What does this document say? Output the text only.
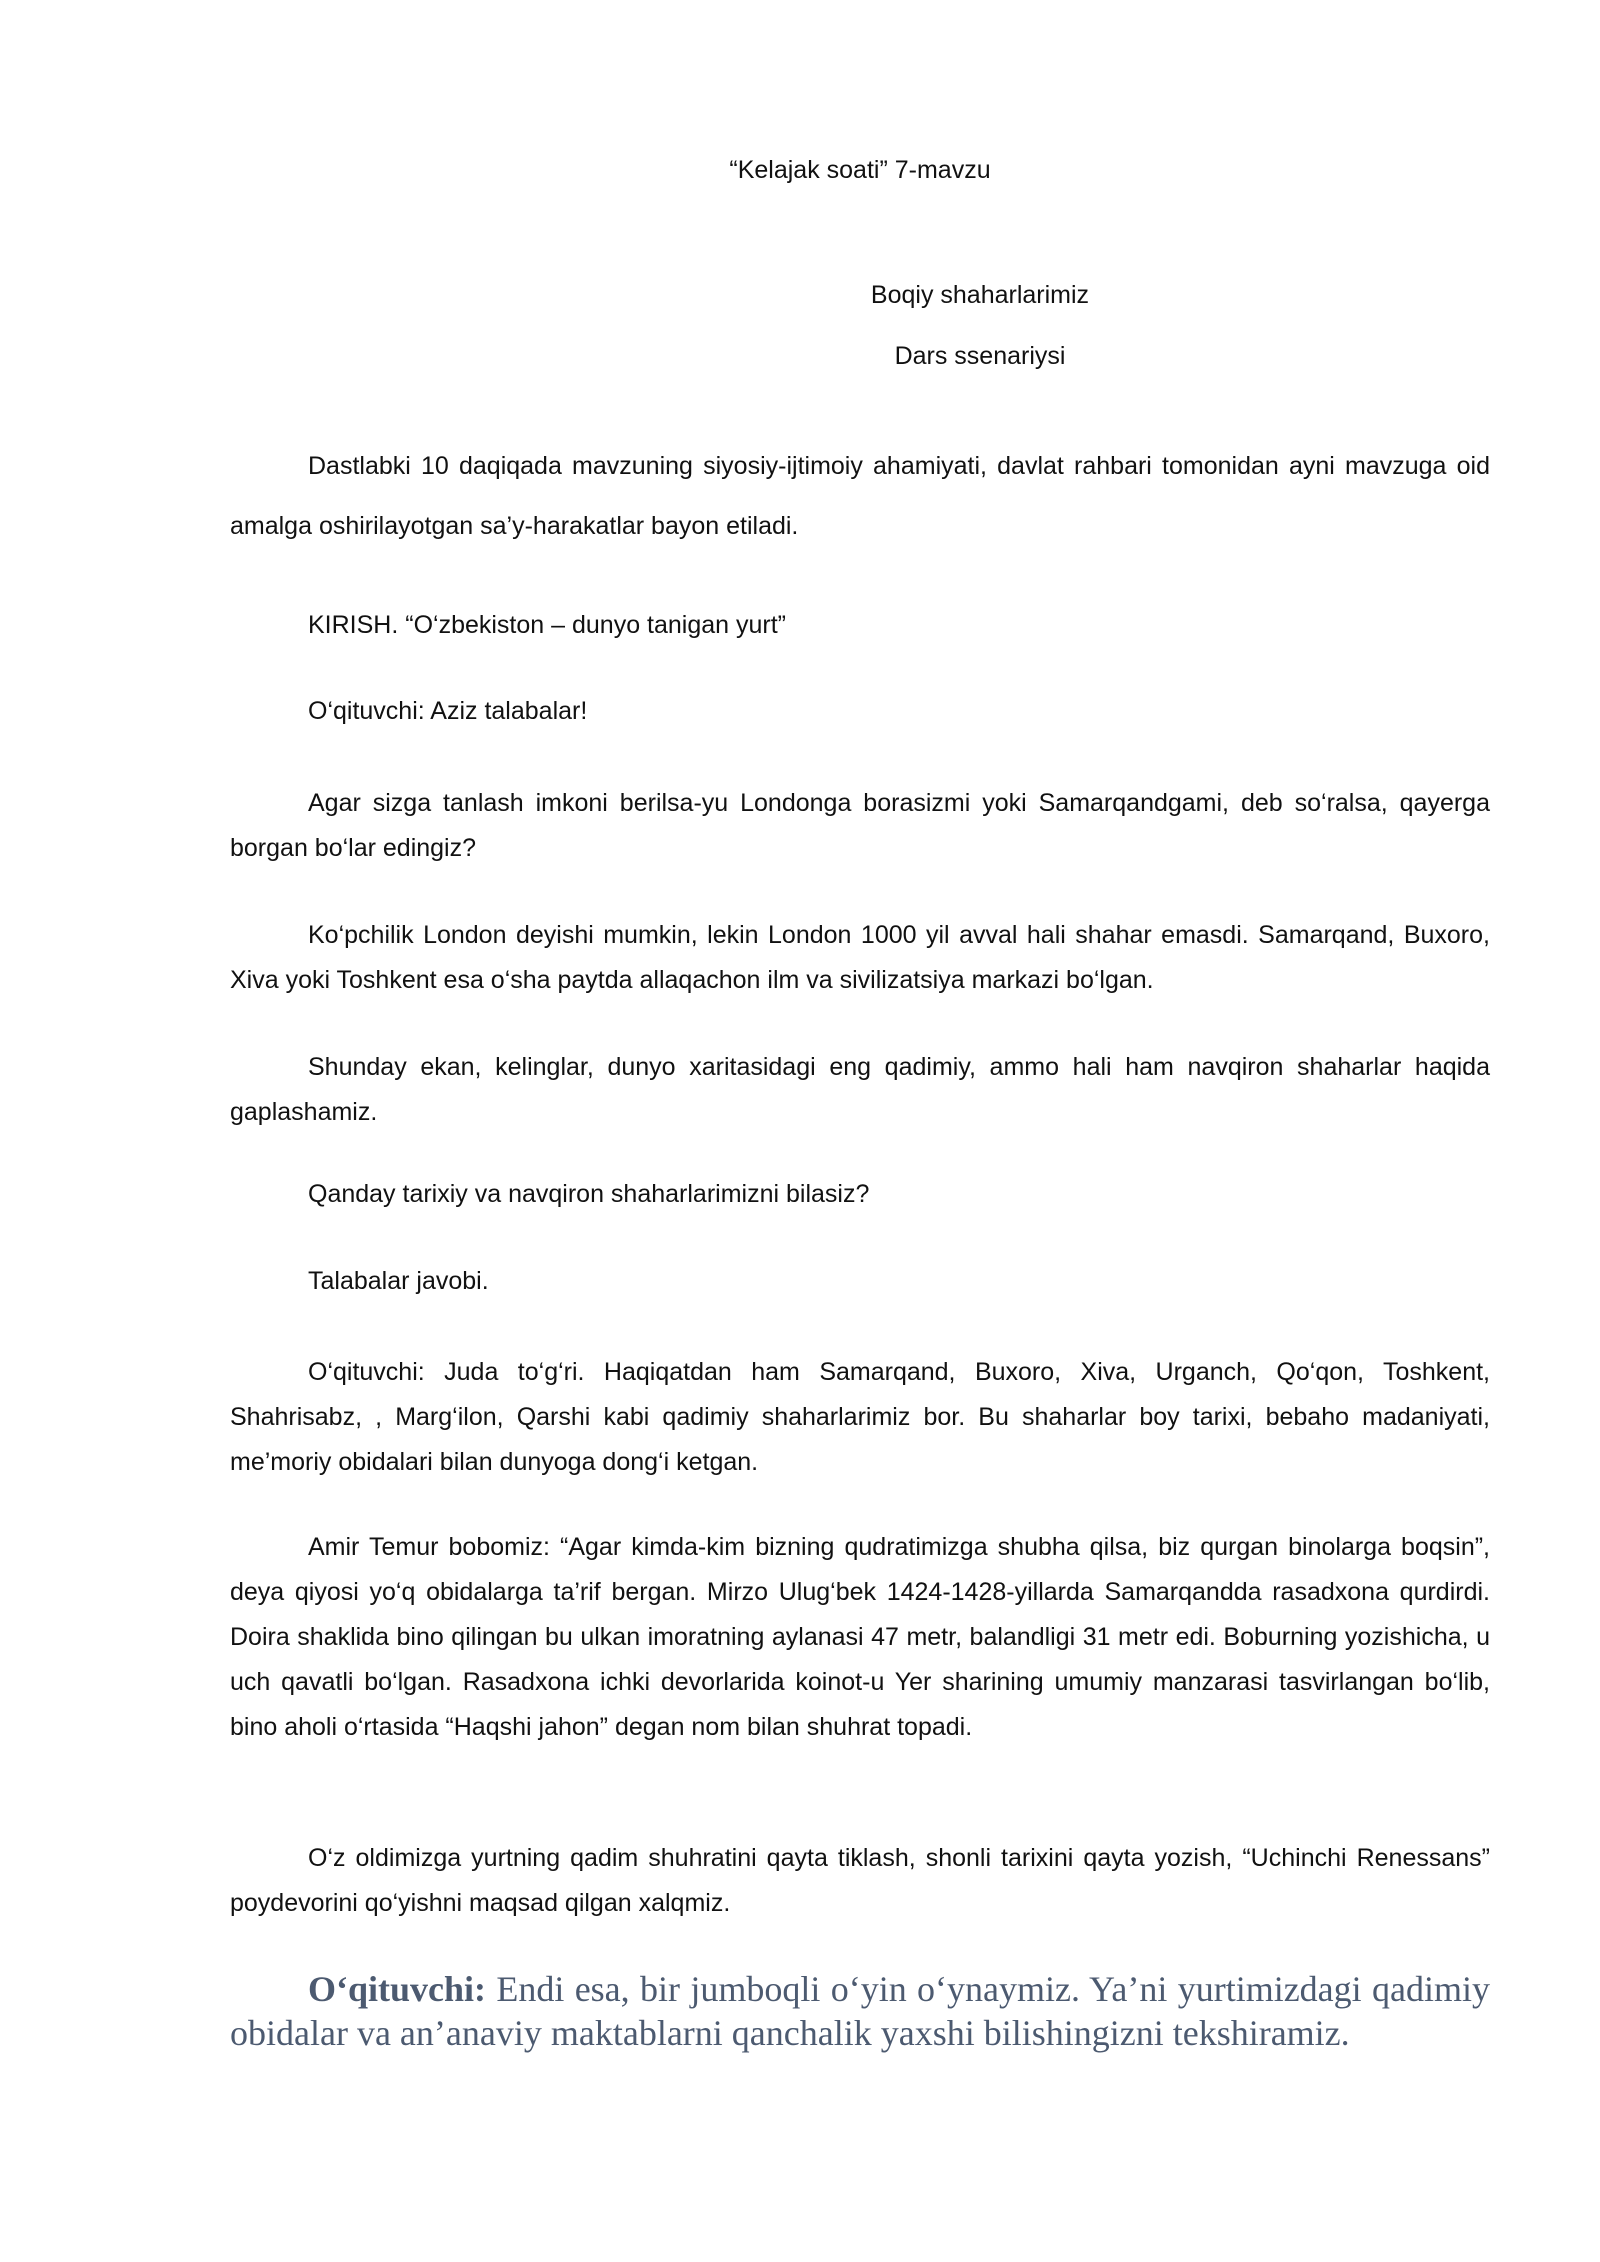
“Kelajak soati” 7-mavzu
Boqiy shaharlarimiz
Dars ssenariysi

Dastlabki 10 daqiqada mavzuning siyosiy-ijtimoiy ahamiyati, davlat rahbari tomonidan ayni mavzuga oid amalga oshirilayotgan sa’y-harakatlar bayon etiladi.

KIRISH. “O‘zbekiston – dunyo tanigan yurt”

O‘qituvchi: Aziz talabalar!

Agar sizga tanlash imkoni berilsa-yu Londonga borasizmi yoki Samarqandgami, deb so‘ralsa, qayerga borgan bo‘lar edingiz?

Ko‘pchilik London deyishi mumkin, lekin London 1000 yil avval hali shahar emasdi. Samarqand, Buxoro, Xiva yoki Toshkent esa o‘sha paytda allaqachon ilm va sivilizatsiya markazi bo‘lgan.

Shunday ekan, kelinglar, dunyo xaritasidagi eng qadimiy, ammo hali ham navqiron shaharlar haqida gaplashamiz.

Qanday tarixiy va navqiron shaharlarimizni bilasiz?

Talabalar javobi.

O‘qituvchi: Juda to‘g‘ri. Haqiqatdan ham Samarqand, Buxoro, Xiva, Urganch, Qo‘qon, Toshkent, Shahrisabz, , Marg‘ilon, Qarshi kabi qadimiy shaharlarimiz bor. Bu shaharlar boy tarixi, bebaho madaniyati, me’moriy obidalari bilan dunyoga dong‘i ketgan.

Amir Temur bobomiz: “Agar kimda-kim bizning qudratimizga shubha qilsa, biz qurgan binolarga boqsin”, deya qiyosi yo‘q obidalarga ta’rif bergan. Mirzo Ulug‘bek 1424-1428-yillarda Samarqandda rasadxona qurdirdi. Doira shaklida bino qilingan bu ulkan imoratning aylanasi 47 metr, balandligi 31 metr edi. Boburning yozishicha, u uch qavatli bo‘lgan. Rasadxona ichki devorlarida koinot-u Yer sharining umumiy manzarasi tasvirlangan bo‘lib, bino aholi o‘rtasida “Haqshi jahon” degan nom bilan shuhrat topadi.

O‘z oldimizga yurtning qadim shuhratini qayta tiklash, shonli tarixini qayta yozish, “Uchinchi Renessans” poydevorini qo‘yishni maqsad qilgan xalqmiz.

O‘qituvchi: Endi esa, bir jumboqli o‘yin o‘ynaymiz. Ya’ni yurtimizdagi qadimiy obidalar va an’anaviy maktablarni qanchalik yaxshi bilishingizni tekshiramiz.
